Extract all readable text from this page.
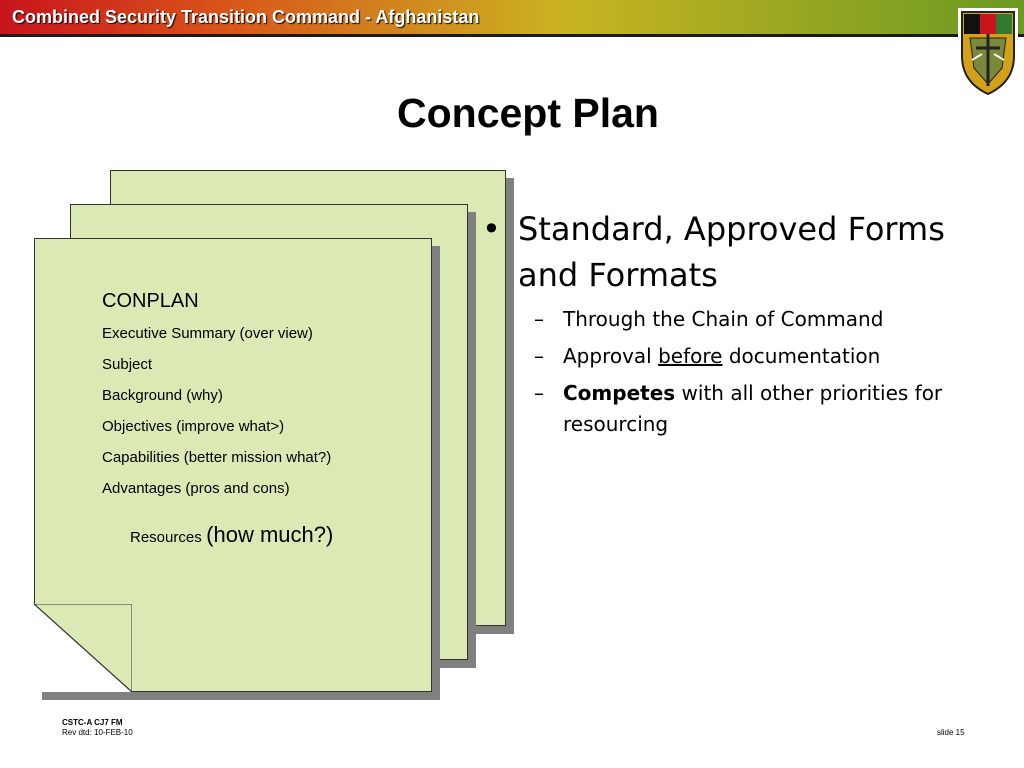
Combined Security Transition Command - Afghanistan
Concept Plan
CONPLAN
Executive Summary (over view)
Subject
Background (why)
Objectives (improve what>)
Capabilities (better mission what?)
Advantages (pros and cons)
Resources (how much?)
• Standard, Approved Forms and Formats
– Through the Chain of Command
– Approval before documentation
– Competes with all other priorities for resourcing
CSTC-A CJ7 FM
Rev dtd: 10-FEB-10	slide 15
